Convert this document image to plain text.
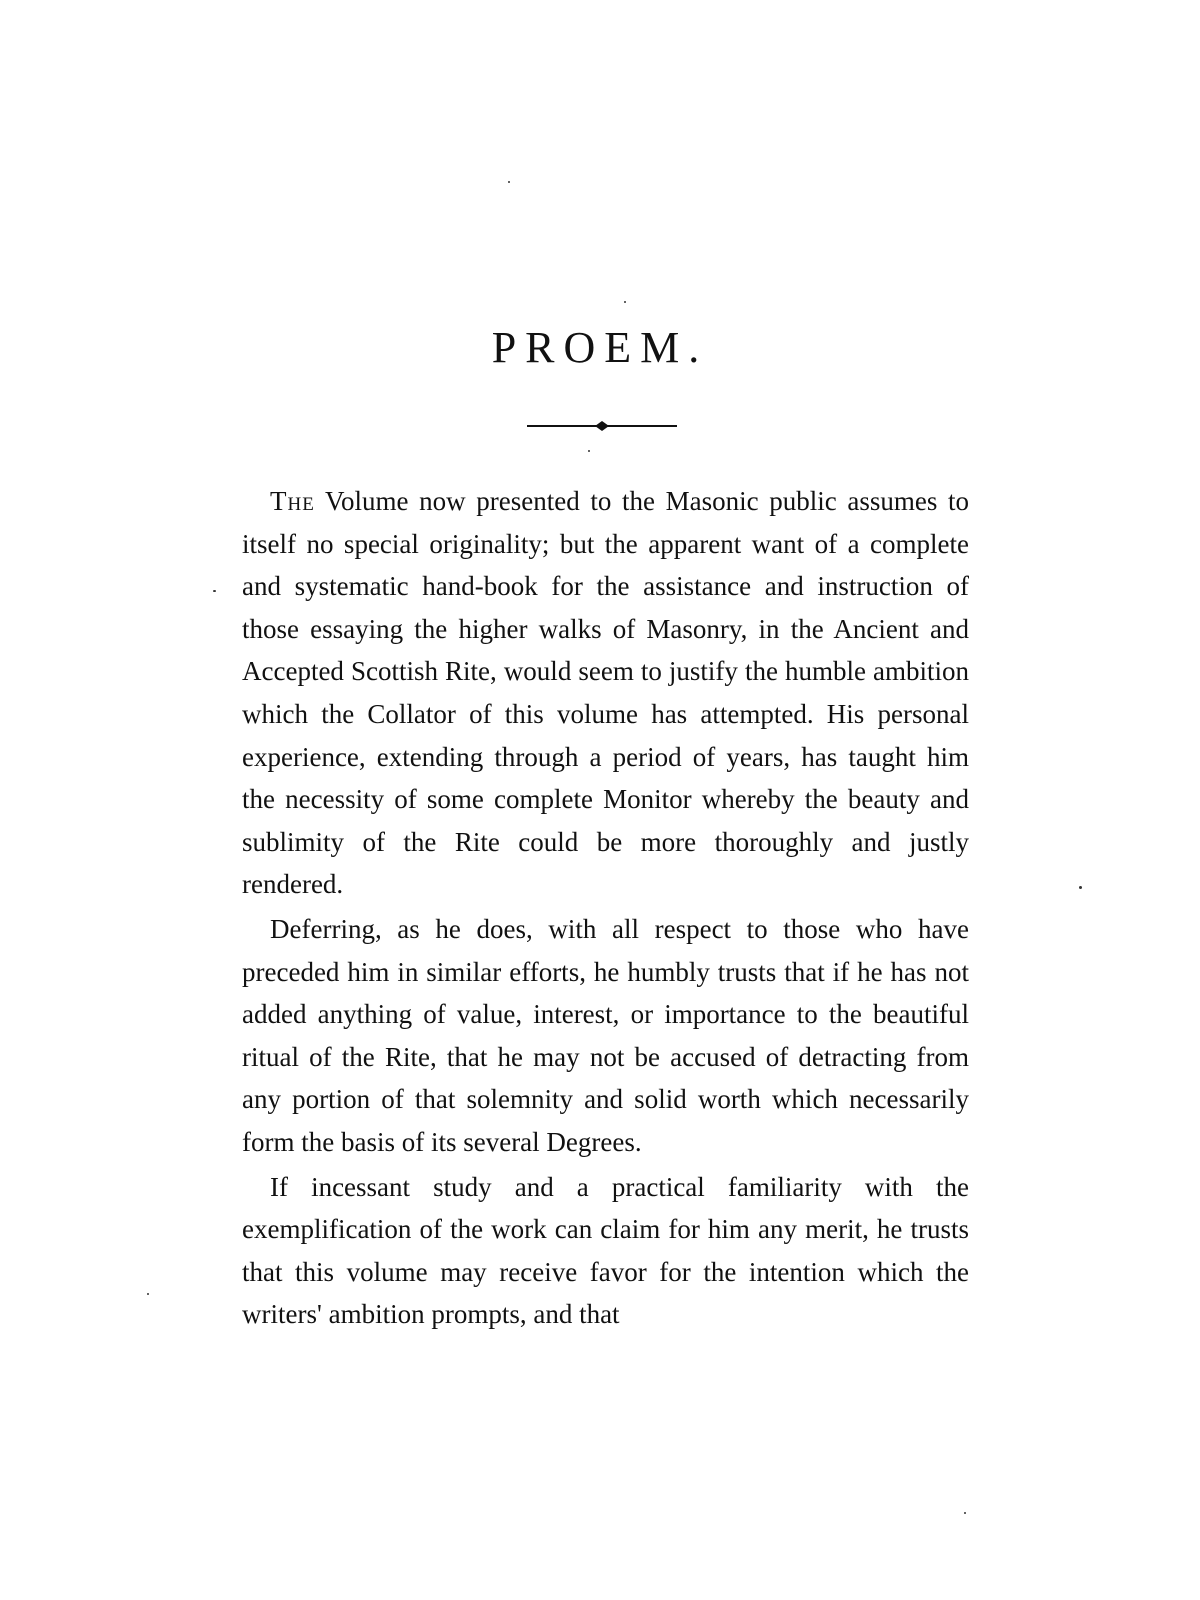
PROEM.

The Volume now presented to the Masonic public assumes to itself no special originality; but the apparent want of a complete and systematic hand-book for the assistance and instruction of those essaying the higher walks of Masonry, in the Ancient and Accepted Scottish Rite, would seem to justify the humble ambition which the Collator of this volume has attempted. His personal experience, extending through a period of years, has taught him the necessity of some complete Monitor whereby the beauty and sublimity of the Rite could be more thoroughly and justly rendered.

Deferring, as he does, with all respect to those who have preceded him in similar efforts, he humbly trusts that if he has not added anything of value, interest, or importance to the beautiful ritual of the Rite, that he may not be accused of detracting from any portion of that solemnity and solid worth which necessarily form the basis of its several Degrees.

If incessant study and a practical familiarity with the exemplification of the work can claim for him any merit, he trusts that this volume may receive favor for the intention which the writers' ambition prompts, and that
